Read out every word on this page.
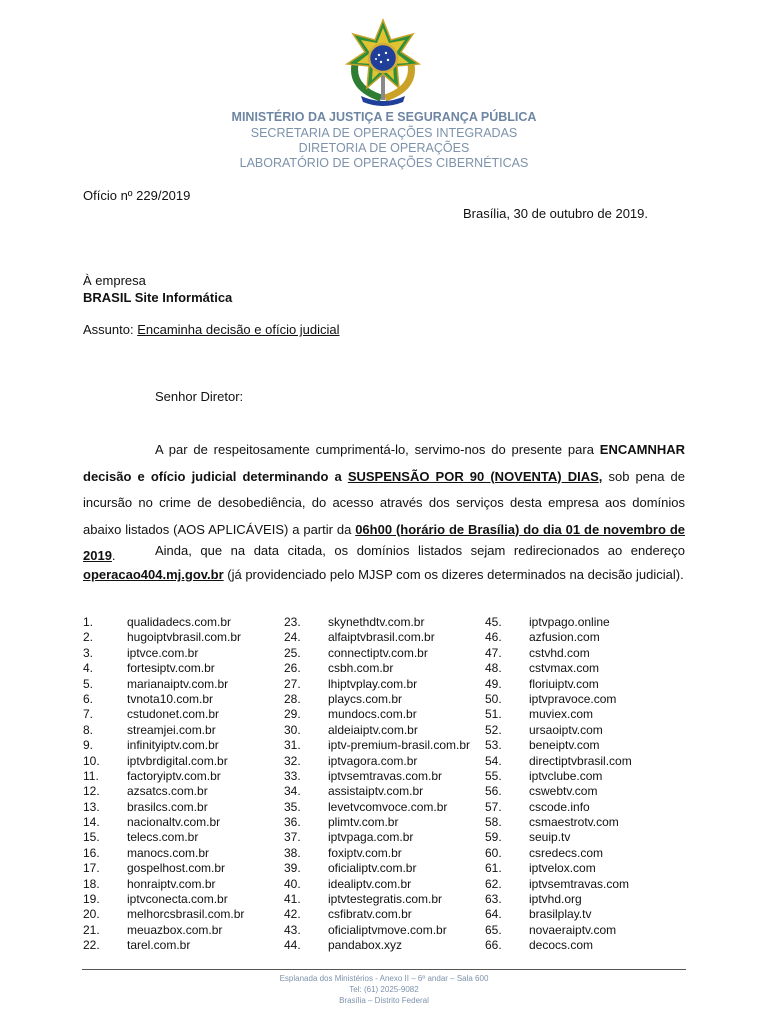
MINISTÉRIO DA JUSTIÇA E SEGURANÇA PÚBLICA
SECRETARIA DE OPERAÇÕES INTEGRADAS
DIRETORIA DE OPERAÇÕES
LABORATÓRIO DE OPERAÇÕES CIBERNÉTICAS
Ofício nº 229/2019
Brasília, 30 de outubro de 2019.
À empresa
BRASIL Site Informática
Assunto: Encaminha decisão e ofício judicial
Senhor Diretor:
A par de respeitosamente cumprimentá-lo, servimo-nos do presente para ENCAMNHAR decisão e ofício judicial determinando a SUSPENSÃO POR 90 (NOVENTA) DIAS, sob pena de incursão no crime de desobediência, do acesso através dos serviços desta empresa aos domínios abaixo listados (AOS APLICÁVEIS) a partir da 06h00 (horário de Brasília) do dia 01 de novembro de 2019.	Ainda, que na data citada, os domínios listados sejam redirecionados ao endereço operacao404.mj.gov.br (já providenciado pelo MJSP com os dizeres determinados na decisão judicial).
1.	qualidadecs.com.br
2.	hugoiptvbrasil.com.br
3.	iptvce.com.br
4.	fortesiptv.com.br
5.	marianaiptv.com.br
6.	tvnota10.com.br
7.	cstudonet.com.br
8.	streamjei.com.br
9.	infinityiptv.com.br
10.	iptvbrdigital.com.br
11.	factoryiptv.com.br
12.	azsatcs.com.br
13.	brasilcs.com.br
14.	nacionaltv.com.br
15.	telecs.com.br
16.	manocs.com.br
17.	gospelhost.com.br
18.	honraiptv.com.br
19.	iptvconecta.com.br
20.	melhorcsbrasil.com.br
21.	meuazbox.com.br
22.	tarel.com.br
23.	skynethdtv.com.br
24.	alfaiptvbrasil.com.br
25.	connectiptv.com.br
26.	csbh.com.br
27.	lhiptvplay.com.br
28.	playcs.com.br
29.	mundocs.com.br
30.	aldeiaiptv.com.br
31.	iptv-premium-brasil.com.br
32.	iptvagora.com.br
33.	iptvsemtravas.com.br
34.	assistaiptv.com.br
35.	levetvcomvoce.com.br
36.	plimtv.com.br
37.	iptvpaga.com.br
38.	foxiptv.com.br
39.	oficialiptv.com.br
40.	idealiptv.com.br
41.	iptvtestegratis.com.br
42.	csfibratv.com.br
43.	oficialiptvmove.com.br
44.	pandabox.xyz
45.	iptvpago.online
46.	azfusion.com
47.	cstvhd.com
48.	cstvmax.com
49.	floriuiptv.com
50.	iptvpravoce.com
51.	muviex.com
52.	ursaoiptv.com
53.	beneiptv.com
54.	directiptvbrasil.com
55.	iptvclube.com
56.	cswebtv.com
57.	cscode.info
58.	csmaestrotv.com
59.	seuip.tv
60.	csredecs.com
61.	iptvelox.com
62.	iptvsemtravas.com
63.	iptvhd.org
64.	brasilplay.tv
65.	novaeraiptv.com
66.	decocs.com
Esplanada dos Ministérios - Anexo II – 6º andar – Sala 600
Tel: (61) 2025-9082
Brasília – Distrito Federal
